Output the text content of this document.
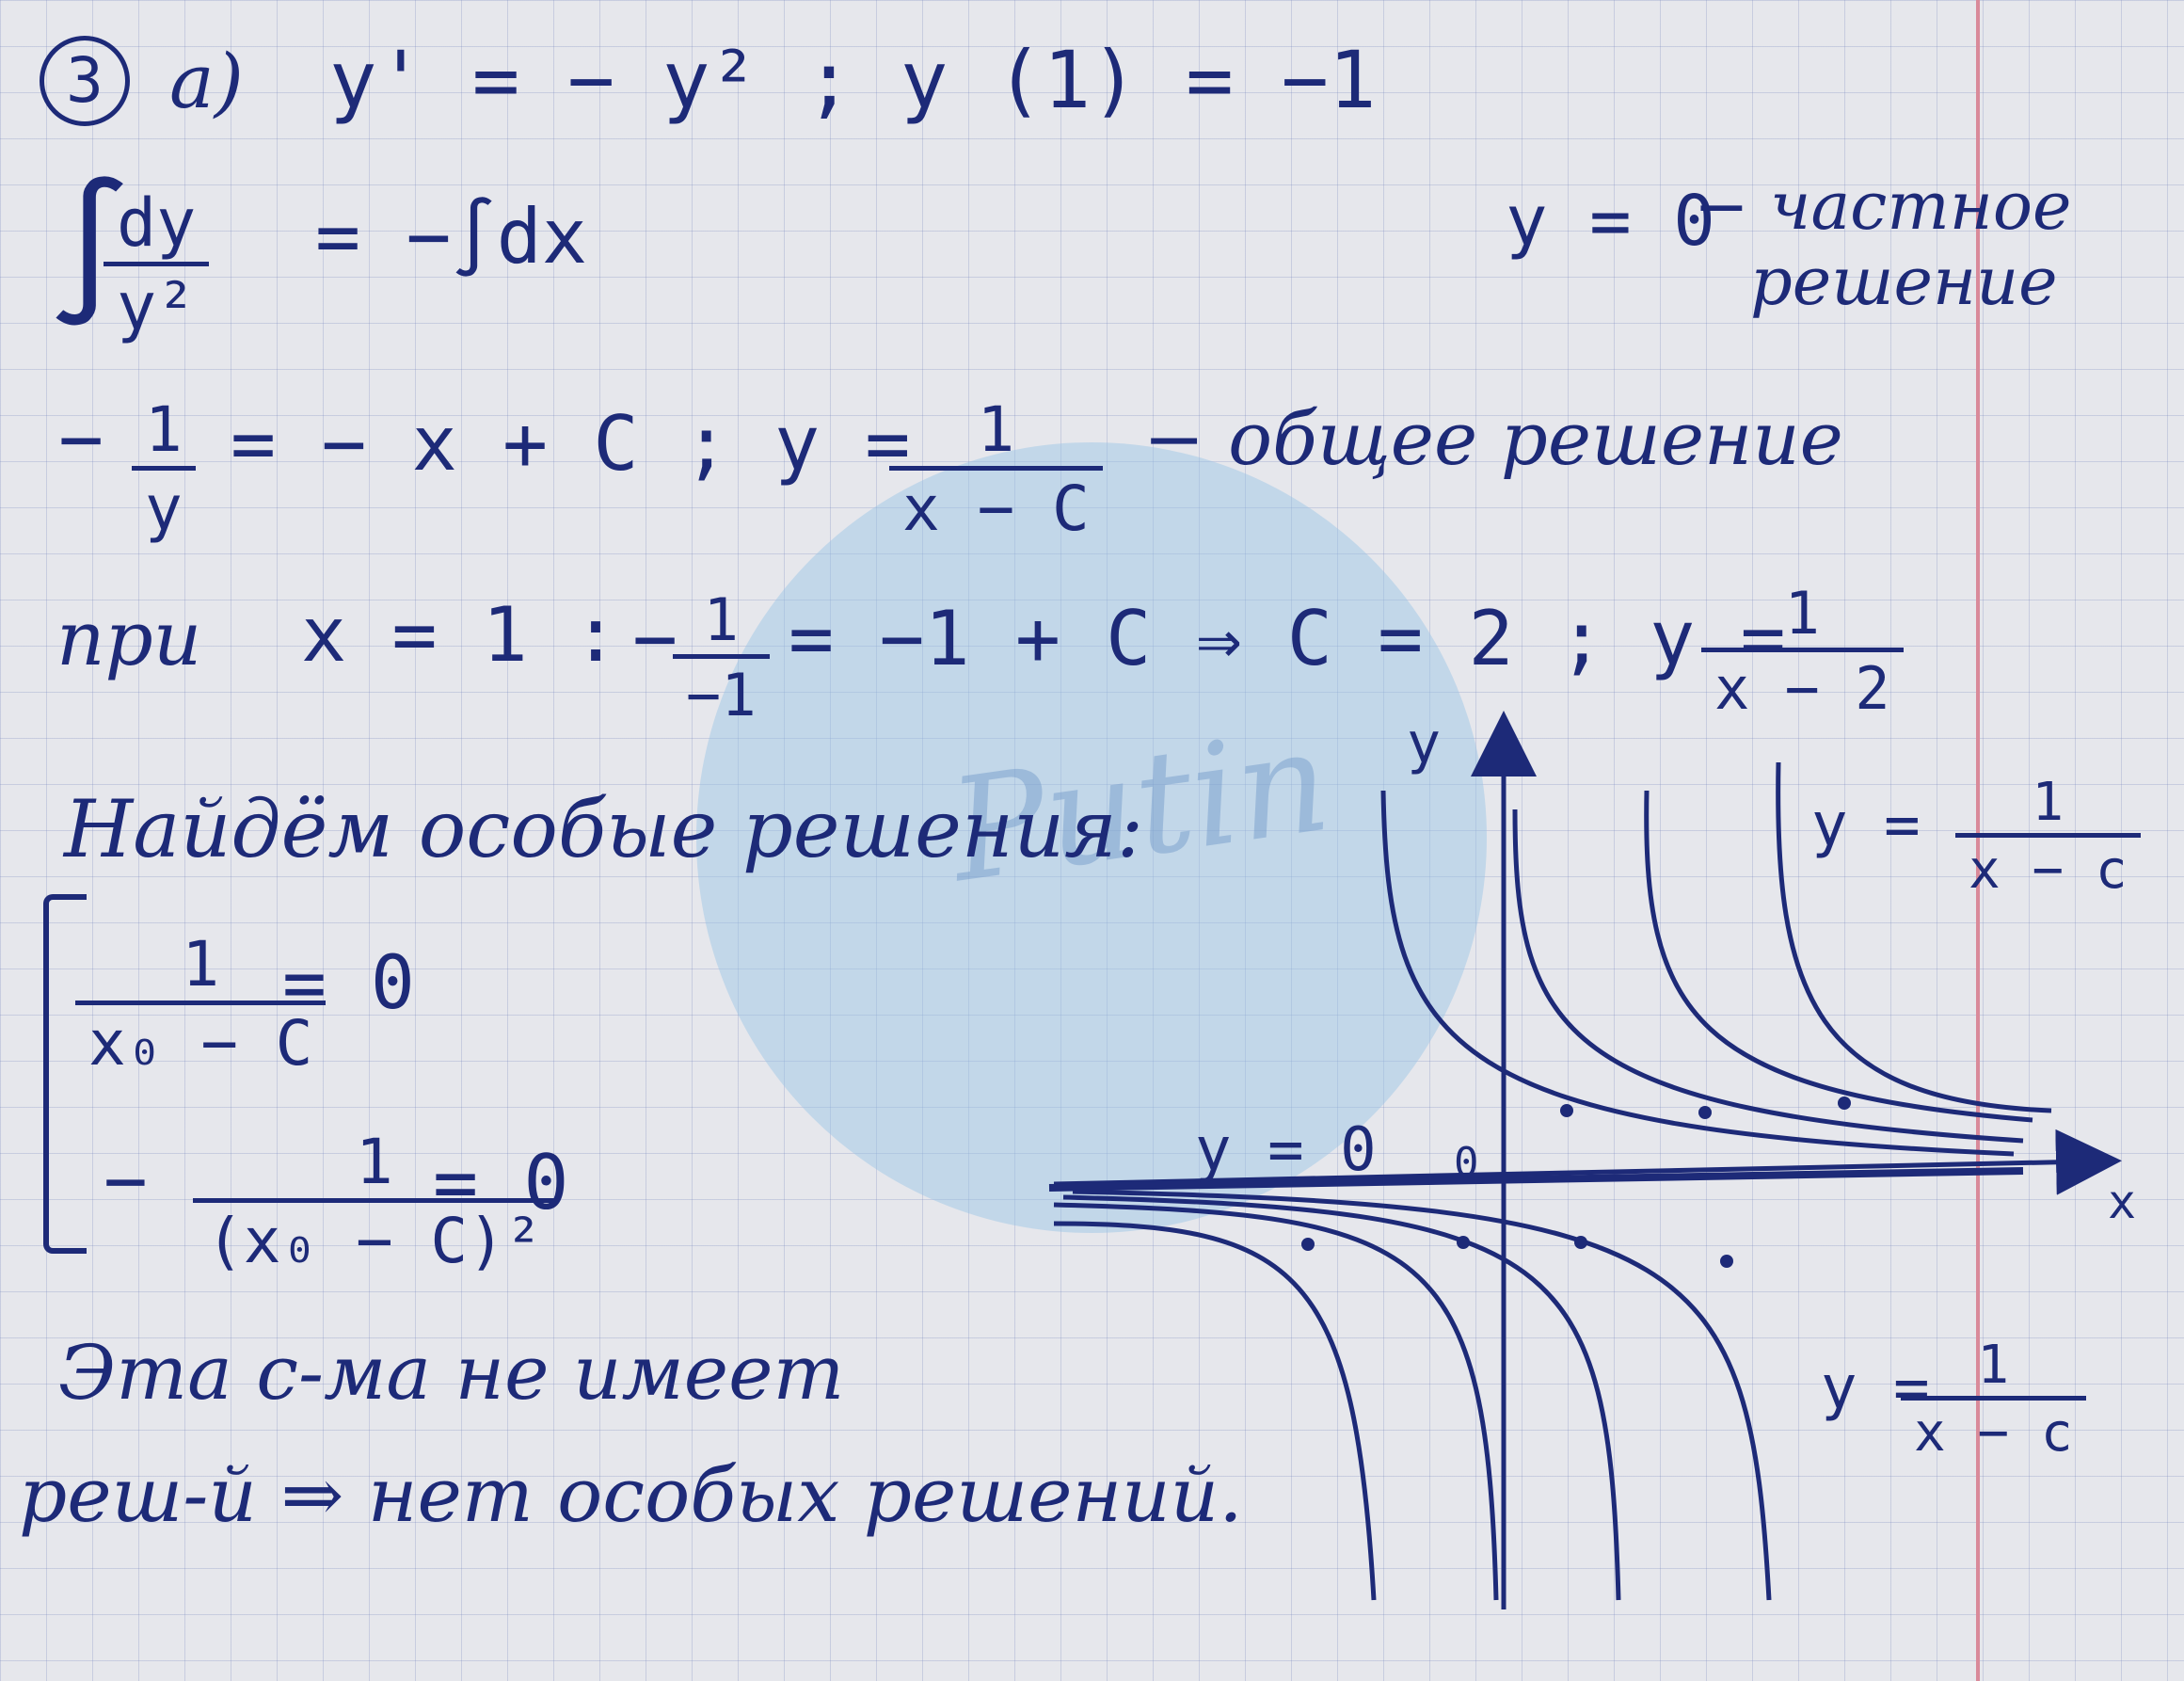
Putin
3 а) y' = − y² ; y (1) = −1
∫
$\frac{dy}{\text{y²}} = -\int dx$	y = 0
− частное
решение
− $\frac{1}{y}$ = − x + C ; y =
$\frac{1}{x - C}$ − общее решение
при x = 1 : −
$\frac{1}{-1} = -1 + C$ ⇒ C = 2 ; y =
$\frac{1}{x - 2}$
Найдём особые решения:
$\frac{1}{\text{x₀ − C}}$
= 0
− $\frac{1}{\text{(x₀ − C)²}}$
= 0
Эта с-ма не имеет
реш-й ⇒ нет особых решений.
y
x
0
y = 0
$y = \frac{1}{x - c}$
y =
$\frac{1}{x - c}$
